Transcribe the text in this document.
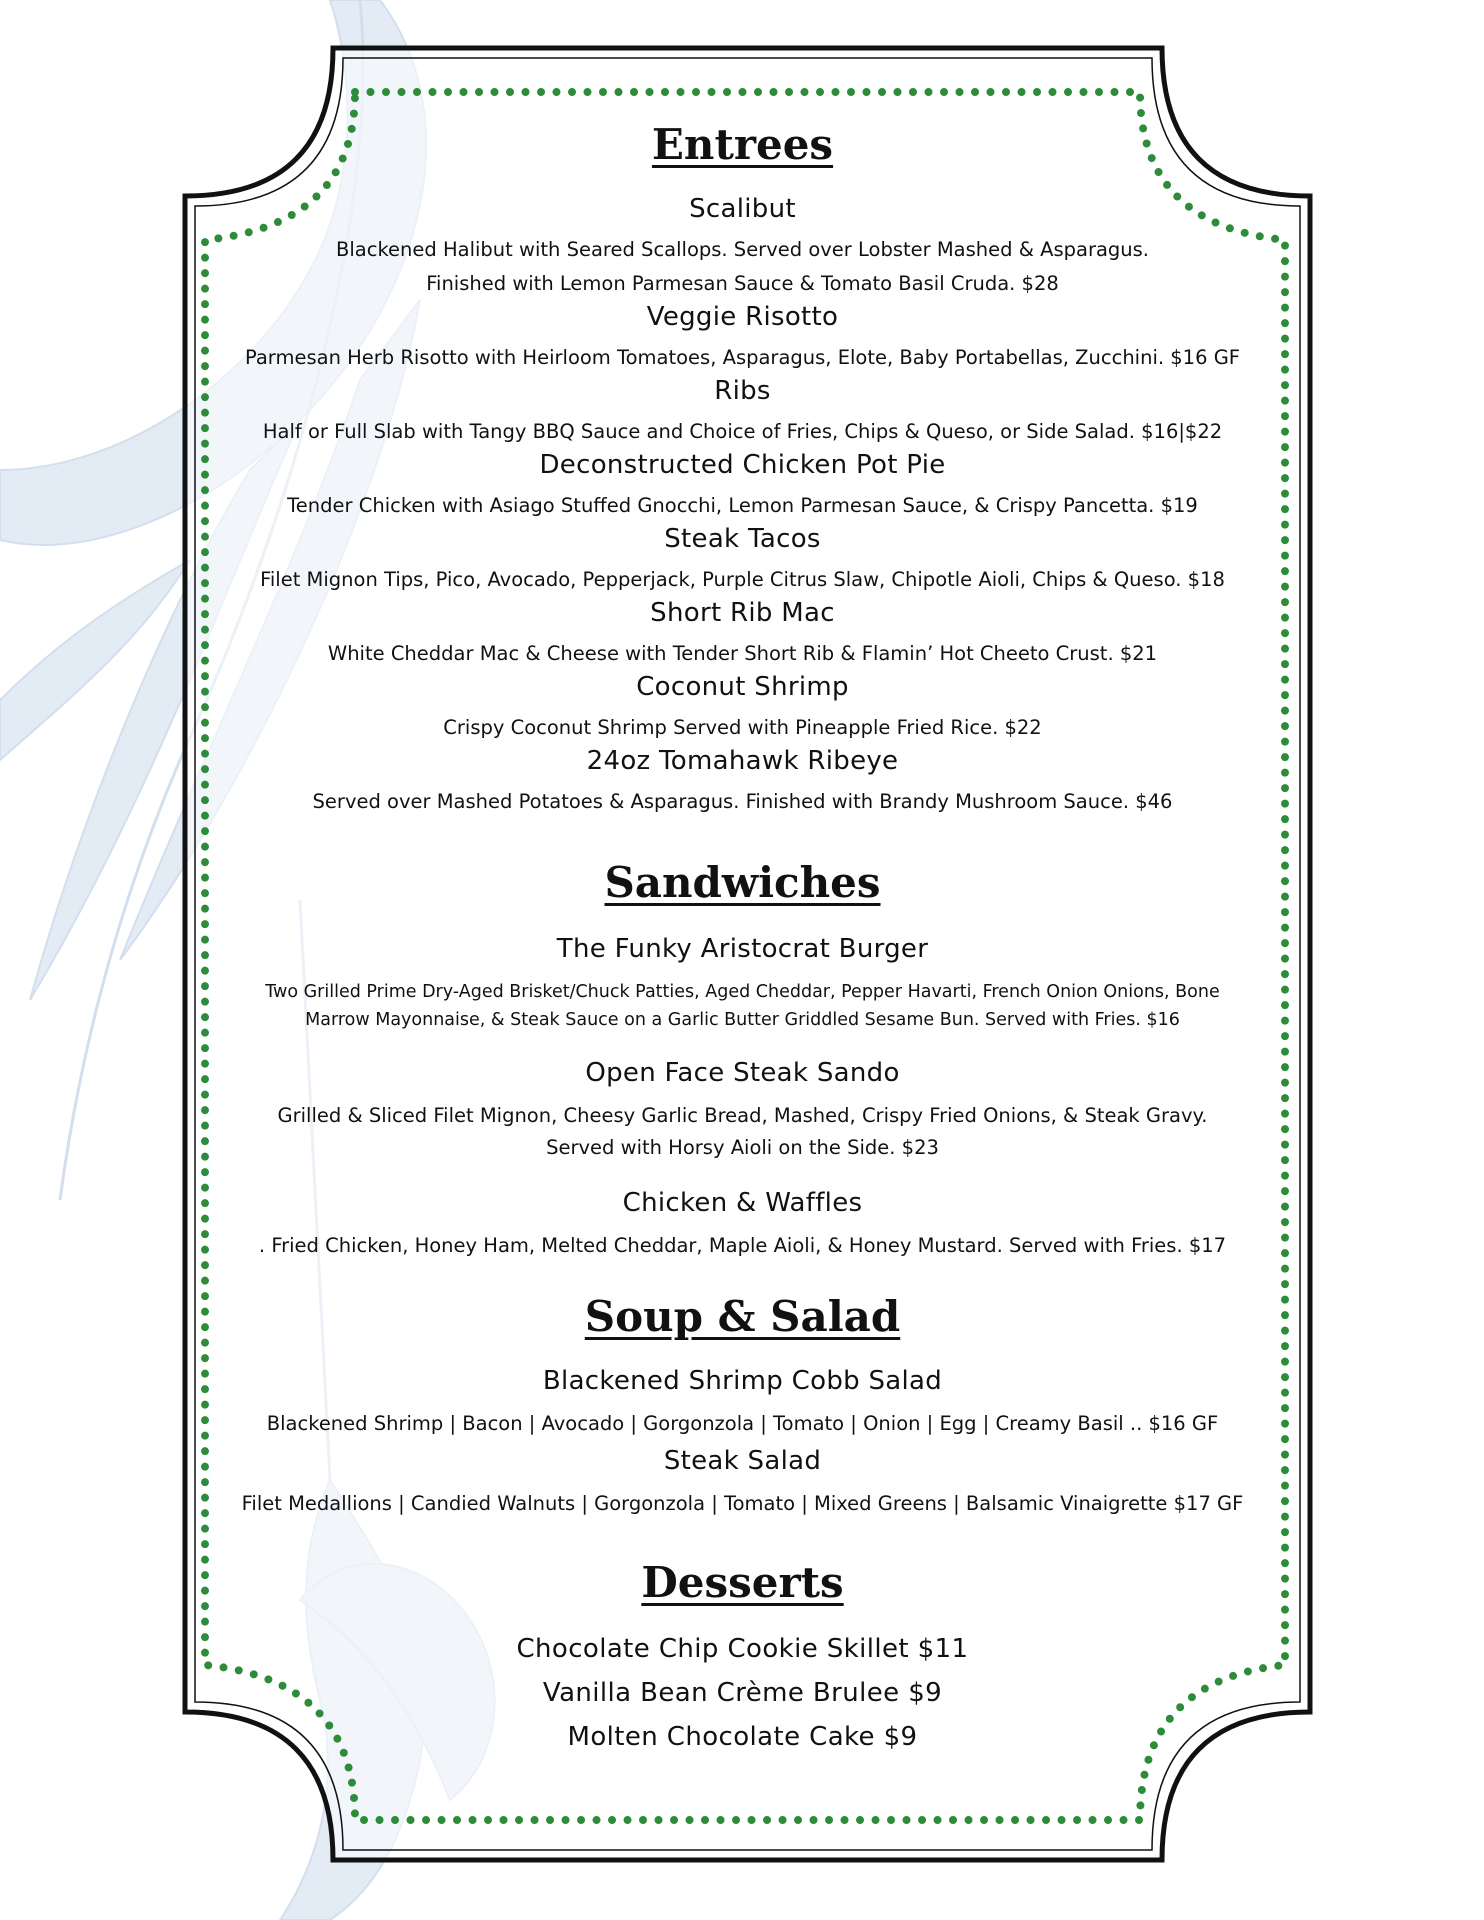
Entrees
Scalibut
Blackened Halibut with Seared Scallops. Served over Lobster Mashed & Asparagus.
Finished with Lemon Parmesan Sauce & Tomato Basil Cruda. $28
Veggie Risotto
Parmesan Herb Risotto with Heirloom Tomatoes, Asparagus, Elote, Baby Portabellas, Zucchini. $16 GF
Ribs
Half or Full Slab with Tangy BBQ Sauce and Choice of Fries, Chips & Queso, or Side Salad. $16|$22
Deconstructed Chicken Pot Pie
Tender Chicken with Asiago Stuffed Gnocchi, Lemon Parmesan Sauce, & Crispy Pancetta. $19
Steak Tacos
Filet Mignon Tips, Pico, Avocado, Pepperjack, Purple Citrus Slaw, Chipotle Aioli, Chips & Queso. $18
Short Rib Mac
White Cheddar Mac & Cheese with Tender Short Rib & Flamin’ Hot Cheeto Crust. $21
Coconut Shrimp
Crispy Coconut Shrimp Served with Pineapple Fried Rice. $22
24oz Tomahawk Ribeye
Served over Mashed Potatoes & Asparagus. Finished with Brandy Mushroom Sauce. $46
Sandwiches
The Funky Aristocrat Burger
Two Grilled Prime Dry-Aged Brisket/Chuck Patties, Aged Cheddar, Pepper Havarti, French Onion Onions, Bone
Marrow Mayonnaise, & Steak Sauce on a Garlic Butter Griddled Sesame Bun. Served with Fries. $16
Open Face Steak Sando
Grilled & Sliced Filet Mignon, Cheesy Garlic Bread, Mashed, Crispy Fried Onions, & Steak Gravy.
Served with Horsy Aioli on the Side. $23
Chicken & Waffles
. Fried Chicken, Honey Ham, Melted Cheddar, Maple Aioli, & Honey Mustard. Served with Fries. $17
Soup & Salad
Blackened Shrimp Cobb Salad
Blackened Shrimp | Bacon | Avocado | Gorgonzola | Tomato | Onion | Egg | Creamy Basil .. $16 GF
Steak Salad
Filet Medallions | Candied Walnuts | Gorgonzola | Tomato | Mixed Greens | Balsamic Vinaigrette $17 GF
Desserts
Chocolate Chip Cookie Skillet $11
Vanilla Bean Crème Brulee $9
Molten Chocolate Cake $9
